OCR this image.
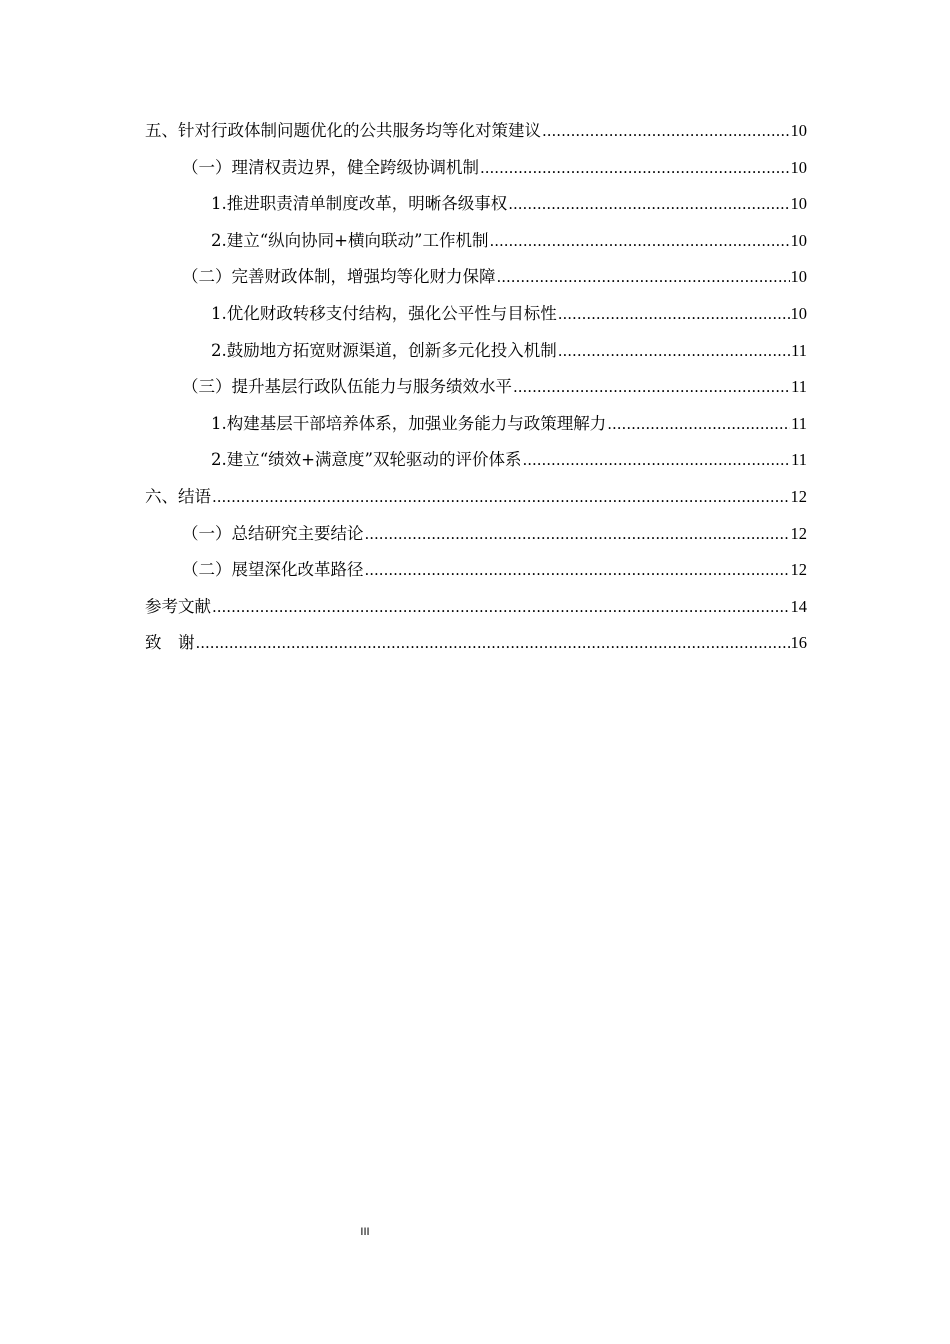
五、针对行政体制问题优化的公共服务均等化对策建议 .....	10
（一）理清权责边界，健全跨级协调机制 .....	10
1.推进职责清单制度改革，明晰各级事权 .....	10
2.建立“纵向协同+横向联动”工作机制 .....	10
（二）完善财政体制，增强均等化财力保障 .....	10
1.优化财政转移支付结构，强化公平性与目标性 .....	10
2.鼓励地方拓宽财源渠道，创新多元化投入机制 .....	11
（三）提升基层行政队伍能力与服务绩效水平 .....	11
1.构建基层干部培养体系，加强业务能力与政策理解力 .....	11
2.建立“绩效+满意度”双轮驱动的评价体系 .....	11
六、结语 .....	12
（一）总结研究主要结论 .....	12
（二）展望深化改革路径 .....	12
参考文献 .....	14
致　谢 .....	16
III
